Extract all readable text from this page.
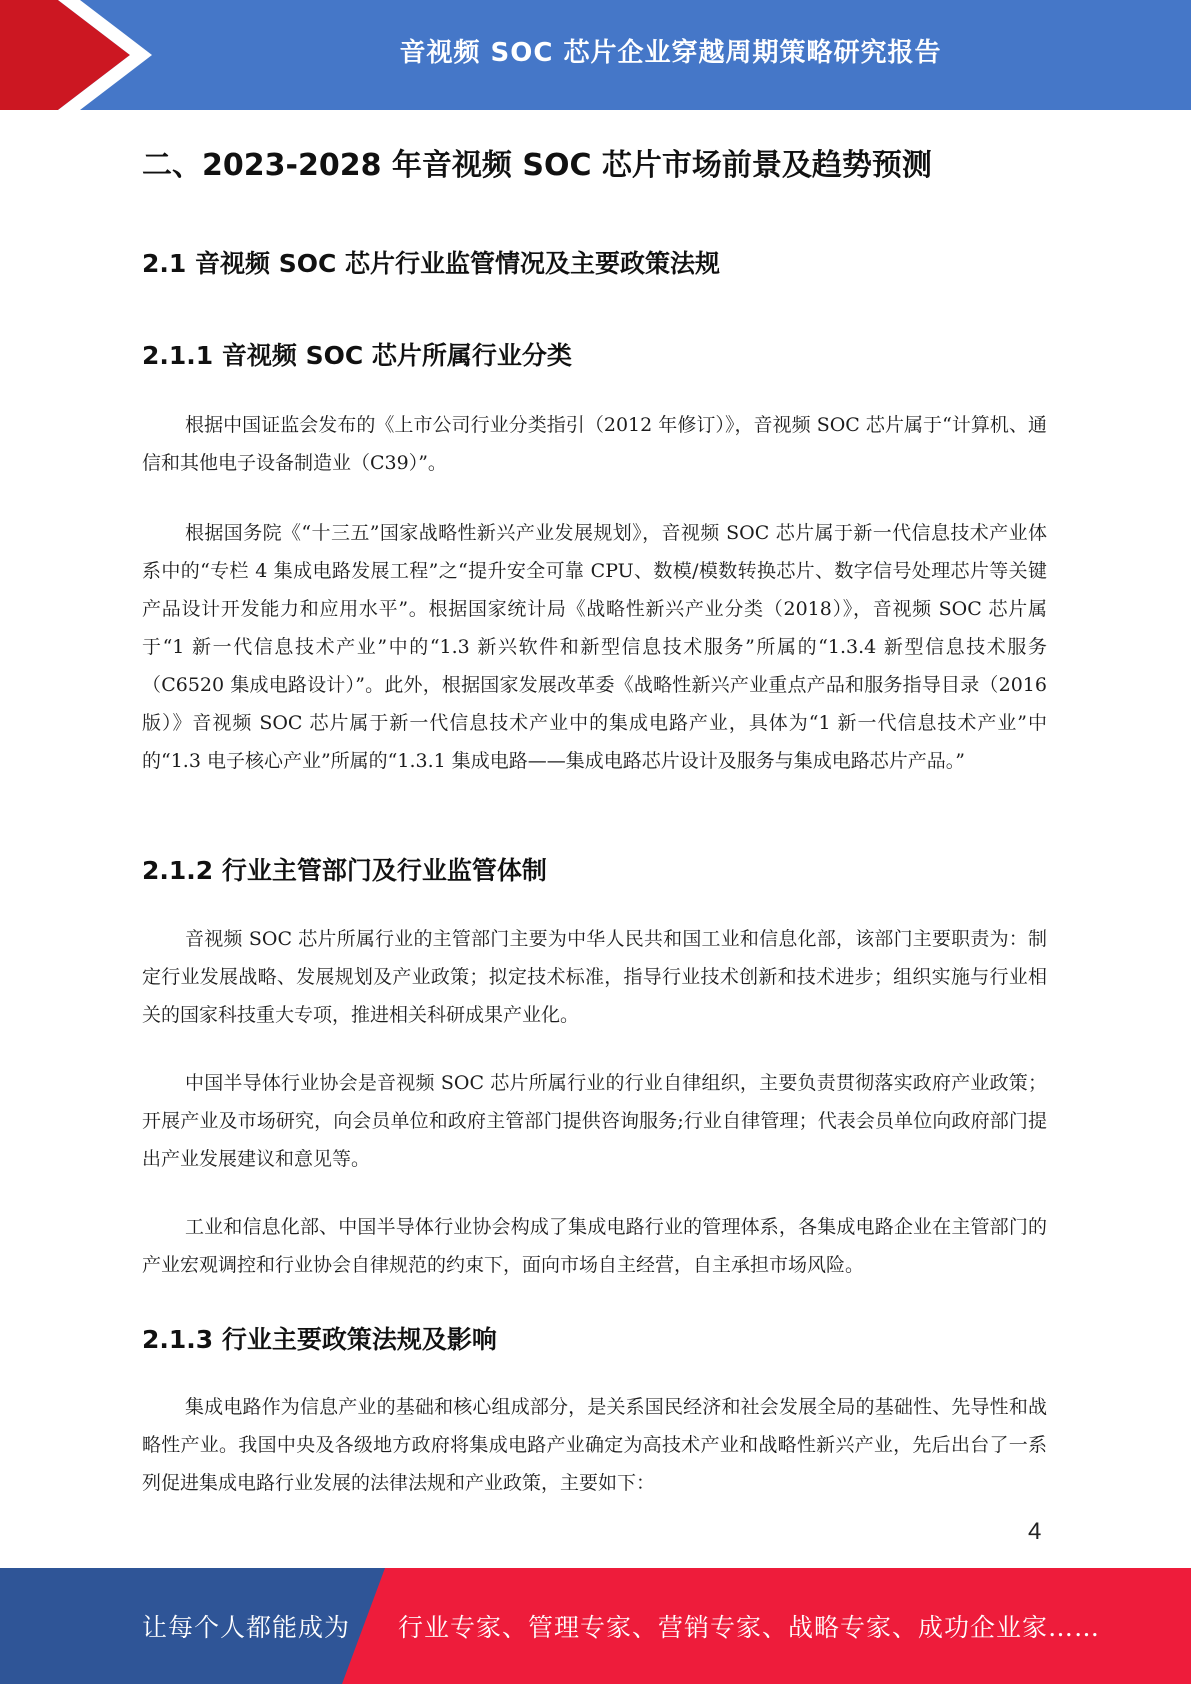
音视频 SOC 芯片企业穿越周期策略研究报告
二、2023-2028 年音视频 SOC 芯片市场前景及趋势预测
2.1 音视频 SOC 芯片行业监管情况及主要政策法规
2.1.1 音视频 SOC 芯片所属行业分类

根据中国证监会发布的《上市公司行业分类指引（2012 年修订）》，音视频 SOC 芯片属于“计算机、通信和其他电子设备制造业（C39）”。

根据国务院《“十三五”国家战略性新兴产业发展规划》，音视频 SOC 芯片属于新一代信息技术产业体系中的“专栏 4 集成电路发展工程”之“提升安全可靠 CPU、数模/模数转换芯片、数字信号处理芯片等关键产品设计开发能力和应用水平”。根据国家统计局《战略性新兴产业分类（2018）》，音视频 SOC 芯片属于“1 新一代信息技术产业”中的“1.3 新兴软件和新型信息技术服务”所属的“1.3.4 新型信息技术服务（C6520 集成电路设计）”。此外，根据国家发展改革委《战略性新兴产业重点产品和服务指导目录（2016 版）》音视频 SOC 芯片属于新一代信息技术产业中的集成电路产业，具体为“1 新一代信息技术产业”中的“1.3 电子核心产业”所属的“1.3.1 集成电路——集成电路芯片设计及服务与集成电路芯片产品。”

2.1.2 行业主管部门及行业监管体制

音视频 SOC 芯片所属行业的主管部门主要为中华人民共和国工业和信息化部，该部门主要职责为：制定行业发展战略、发展规划及产业政策；拟定技术标准，指导行业技术创新和技术进步；组织实施与行业相关的国家科技重大专项，推进相关科研成果产业化。

中国半导体行业协会是音视频 SOC 芯片所属行业的行业自律组织，主要负责贯彻落实政府产业政策；开展产业及市场研究，向会员单位和政府主管部门提供咨询服务;行业自律管理；代表会员单位向政府部门提出产业发展建议和意见等。

工业和信息化部、中国半导体行业协会构成了集成电路行业的管理体系，各集成电路企业在主管部门的产业宏观调控和行业协会自律规范的约束下，面向市场自主经营，自主承担市场风险。

2.1.3 行业主要政策法规及影响

集成电路作为信息产业的基础和核心组成部分，是关系国民经济和社会发展全局的基础性、先导性和战略性产业。我国中央及各级地方政府将集成电路产业确定为高技术产业和战略性新兴产业，先后出台了一系列促进集成电路行业发展的法律法规和产业政策，主要如下：

4
让每个人都能成为 行业专家、管理专家、营销专家、战略专家、成功企业家……
